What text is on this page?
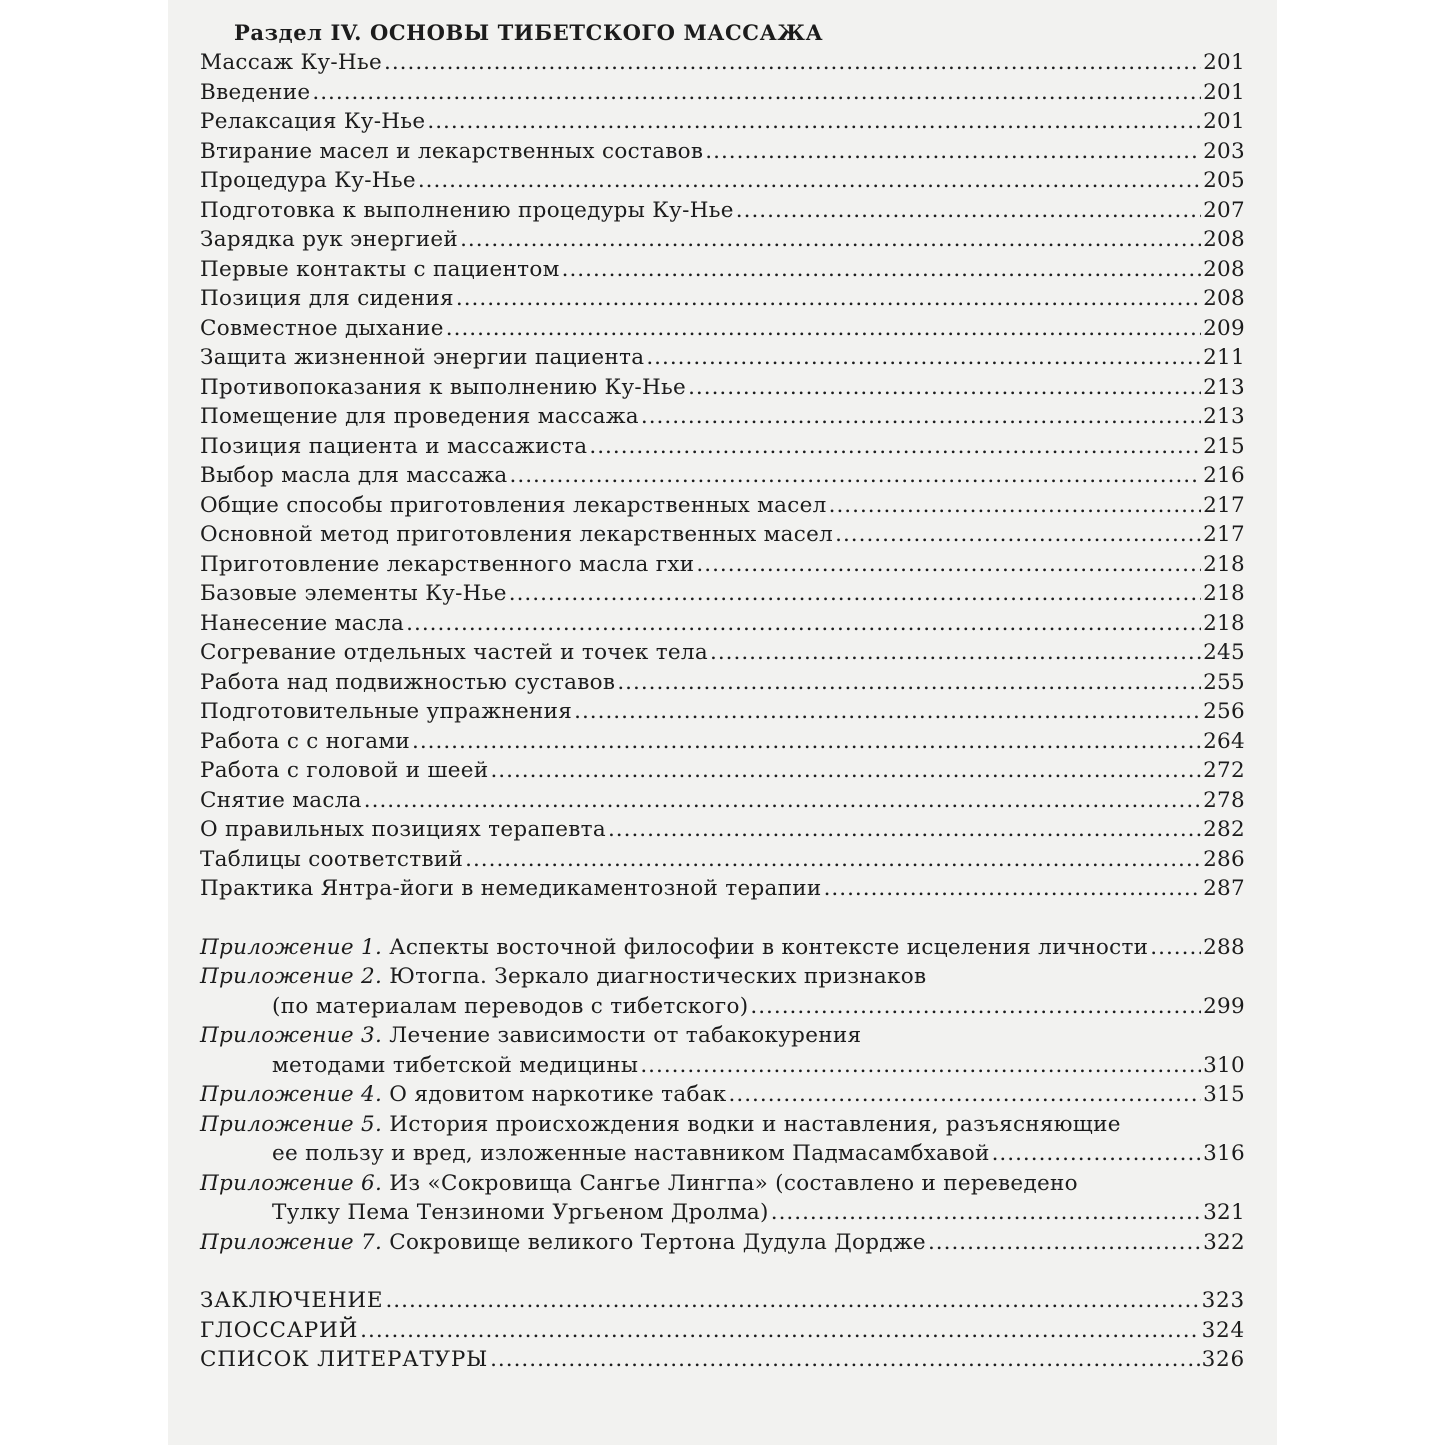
Раздел IV. ОСНОВЫ ТИБЕТСКОГО МАССАЖА
Массаж Ку-Нье .....	201
Введение .....	201
Релаксация Ку-Нье .....	201
Втирание масел и лекарственных составов .....	203
Процедура Ку-Нье .....	205
Подготовка к выполнению процедуры Ку-Нье .....	207
Зарядка рук энергией .....	208
Первые контакты с пациентом .....	208
Позиция для сидения .....	208
Совместное дыхание .....	209
Защита жизненной энергии пациента .....	211
Противопоказания к выполнению Ку-Нье .....	213
Помещение для проведения массажа .....	213
Позиция пациента и массажиста .....	215
Выбор масла для массажа .....	216
Общие способы приготовления лекарственных масел .....	217
Основной метод приготовления лекарственных масел .....	217
Приготовление лекарственного масла гхи .....	218
Базовые элементы Ку-Нье .....	218
Нанесение масла .....	218
Согревание отдельных частей и точек тела .....	245
Работа над подвижностью суставов .....	255
Подготовительные упражнения .....	256
Работа с с ногами .....	264
Работа с головой и шеей .....	272
Снятие масла .....	278
О правильных позициях терапевта .....	282
Таблицы соответствий .....	286
Практика Янтра-йоги в немедикаментозной терапии .....	287
Приложение 1. Аспекты восточной философии в контексте исцеления личности .....	288
Приложение 2. Ютогпа. Зеркало диагностических признаков
(по материалам переводов с тибетского) .....	299
Приложение 3. Лечение зависимости от табакокурения
методами тибетской медицины .....	310
Приложение 4. О ядовитом наркотике табак .....	315
Приложение 5. История происхождения водки и наставления, разъясняющие
ее пользу и вред, изложенные наставником Падмасамбхавой .....	316
Приложение 6. Из «Сокровища Сангье Лингпа» (составлено и переведено
Тулку Пема Тензиноми Ургьеном Дролма) .....	321
Приложение 7. Сокровище великого Тертона Дудула Дордже .....	322
ЗАКЛЮЧЕНИЕ .....	323
ГЛОССАРИЙ .....	324
СПИСОК ЛИТЕРАТУРЫ .....	326
